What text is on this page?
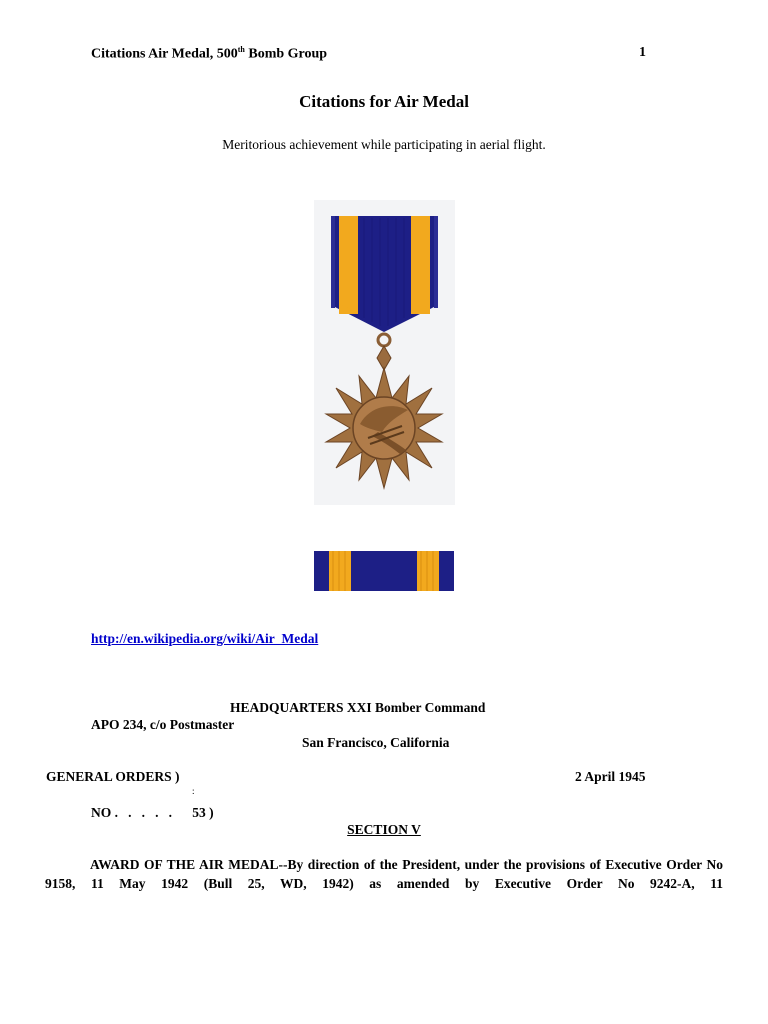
Citations Air Medal, 500th Bomb Group	1
Citations for Air Medal
Meritorious achievement while participating in aerial flight.
http://en.wikipedia.org/wiki/Air_Medal
HEADQUARTERS XXI Bomber Command
APO 234, c/o Postmaster
San Francisco, California
GENERAL ORDERS )	2 April 1945
:
NO .   .   .   .   .      53 )
SECTION V
AWARD OF THE AIR MEDAL--By direction of the President, under the provisions of Executive Order No 9158, 11 May 1942 (Bull 25, WD, 1942) as amended by Executive Order No 9242-A, 11
